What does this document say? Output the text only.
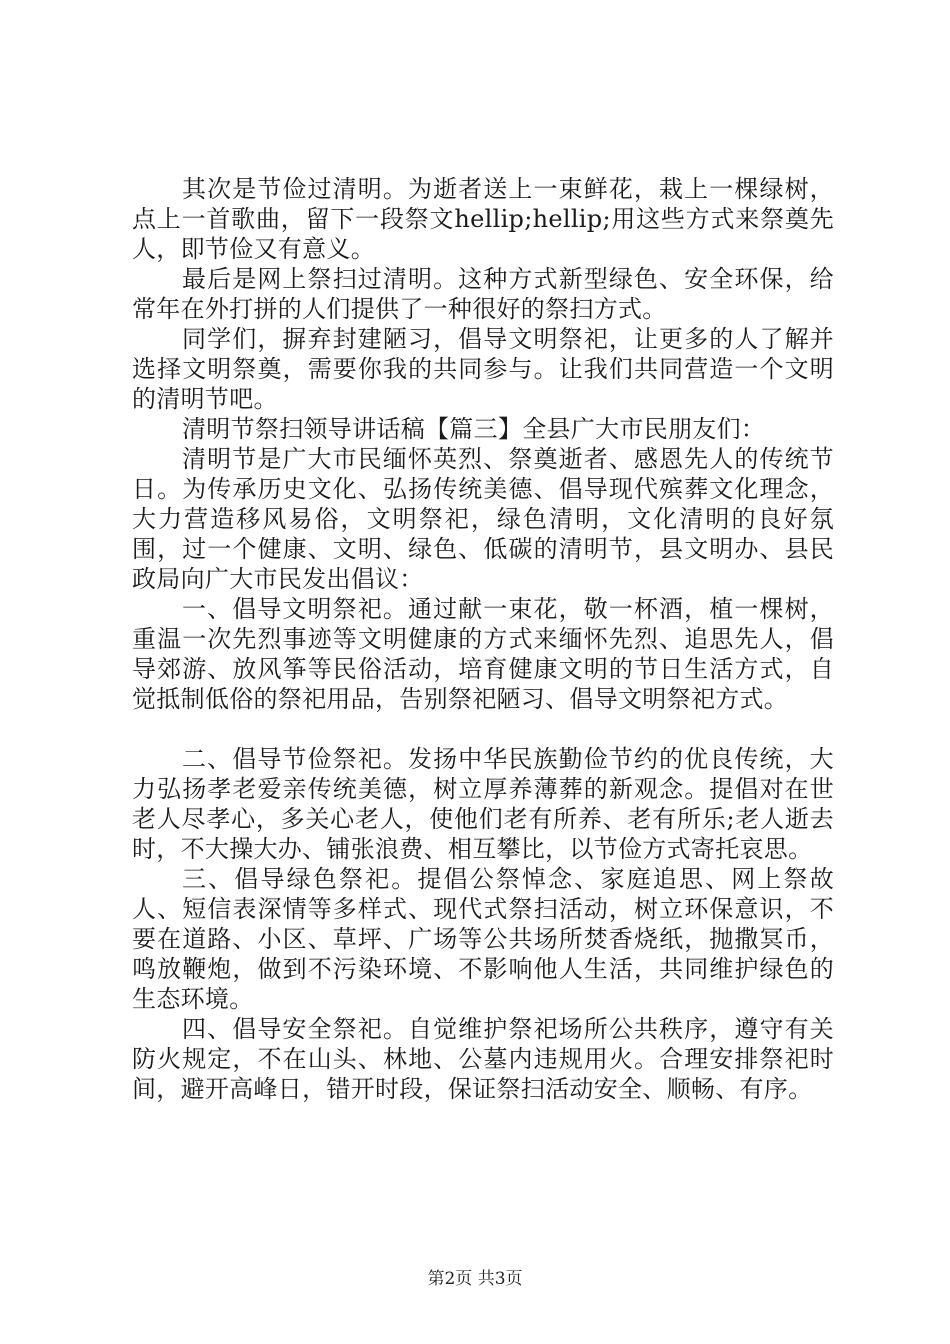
其次是节俭过清明。为逝者送上一束鲜花，栽上一棵绿树，点上一首歌曲，留下一段祭文hellip;hellip;用这些方式来祭奠先人，即节俭又有意义。

最后是网上祭扫过清明。这种方式新型绿色、安全环保，给常年在外打拼的人们提供了一种很好的祭扫方式。

同学们，摒弃封建陋习，倡导文明祭祀，让更多的人了解并选择文明祭奠，需要你我的共同参与。让我们共同营造一个文明的清明节吧。

清明节祭扫领导讲话稿【篇三】全县广大市民朋友们：

清明节是广大市民缅怀英烈、祭奠逝者、感恩先人的传统节日。为传承历史文化、弘扬传统美德、倡导现代殡葬文化理念，大力营造移风易俗，文明祭祀，绿色清明，文化清明的良好氛围，过一个健康、文明、绿色、低碳的清明节，县文明办、县民政局向广大市民发出倡议：

一、倡导文明祭祀。通过献一束花，敬一杯酒，植一棵树，重温一次先烈事迹等文明健康的方式来缅怀先烈、追思先人，倡导郊游、放风筝等民俗活动，培育健康文明的节日生活方式，自觉抵制低俗的祭祀用品，告别祭祀陋习、倡导文明祭祀方式。

二、倡导节俭祭祀。发扬中华民族勤俭节约的优良传统，大力弘扬孝老爱亲传统美德，树立厚养薄葬的新观念。提倡对在世老人尽孝心，多关心老人，使他们老有所养、老有所乐;老人逝去时，不大操大办、铺张浪费、相互攀比，以节俭方式寄托哀思。

三、倡导绿色祭祀。提倡公祭悼念、家庭追思、网上祭故人、短信表深情等多样式、现代式祭扫活动，树立环保意识，不要在道路、小区、草坪、广场等公共场所焚香烧纸，抛撒冥币，鸣放鞭炮，做到不污染环境、不影响他人生活，共同维护绿色的生态环境。

四、倡导安全祭祀。自觉维护祭祀场所公共秩序，遵守有关防火规定，不在山头、林地、公墓内违规用火。合理安排祭祀时间，避开高峰日，错开时段，保证祭扫活动安全、顺畅、有序。

第2页 共3页
